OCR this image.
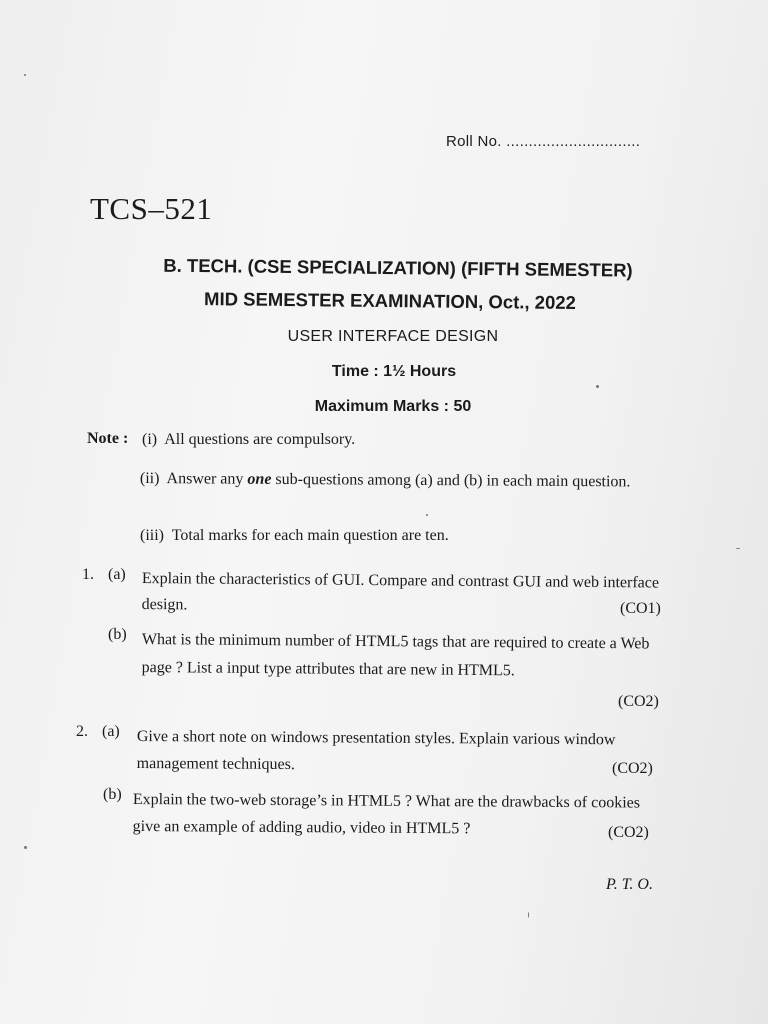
Roll No. ..............................
TCS–521
B. TECH. (CSE SPECIALIZATION) (FIFTH SEMESTER)
MID SEMESTER EXAMINATION, Oct., 2022
USER INTERFACE DESIGN
Time : 1½ Hours
Maximum Marks : 50
Note : (i) All questions are compulsory.
(ii) Answer any one sub-questions among (a) and (b) in each main question.
(iii) Total marks for each main question are ten.
1. (a) Explain the characteristics of GUI. Compare and contrast GUI and web interface design.	(CO1)
(b) What is the minimum number of HTML5 tags that are required to create a Web page ? List a input type attributes that are new in HTML5.
(CO2)
2. (a) Give a short note on windows presentation styles. Explain various window management techniques.	(CO2)
(b) Explain the two-web storage’s in HTML5 ? What are the drawbacks of cookies give an example of adding audio, video in HTML5 ?	(CO2)
P. T. O.
